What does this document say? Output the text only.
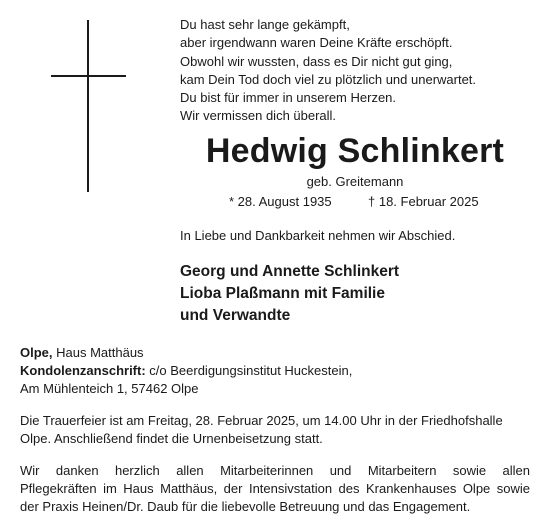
Du hast sehr lange gekämpft,
aber irgendwann waren Deine Kräfte erschöpft.
Obwohl wir wussten, dass es Dir nicht gut ging,
kam Dein Tod doch viel zu plötzlich und unerwartet.
Du bist für immer in unserem Herzen.
Wir vermissen dich überall.
Hedwig Schlinkert
geb. Greitemann
* 28. August 1935	† 18. Februar 2025
In Liebe und Dankbarkeit nehmen wir Abschied.
Georg und Annette Schlinkert
Lioba Plaßmann mit Familie
und Verwandte
Olpe, Haus Matthäus
Kondolenzanschrift: c/o Beerdigungsinstitut Huckestein,
Am Mühlenteich 1, 57462 Olpe
Die Trauerfeier ist am Freitag, 28. Februar 2025, um 14.00 Uhr in der Friedhofshalle
Olpe. Anschließend findet die Urnenbeisetzung statt.
Wir danken herzlich allen Mitarbeiterinnen und Mitarbeitern sowie allen
Pflegekräften im Haus Matthäus, der Intensivstation des Krankenhauses Olpe sowie
der Praxis Heinen/Dr. Daub für die liebevolle Betreuung und das Engagement.
